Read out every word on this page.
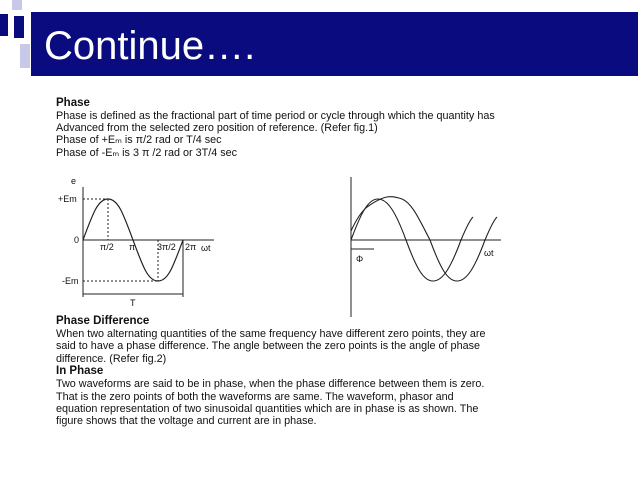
Continue….

Phase

Phase is defined as the fractional part of time period or cycle through which the quantity has

Advanced from the selected zero position of reference. (Refer fig.1)

Phase of +Eₘ is π/2 rad or T/4 sec

Phase of -Eₘ is 3 π /2 rad or 3T/4 sec

e
+Em
0
π/2 π 3π/2 2π ωt
-Em
T
Φ
ωt

Phase Difference

When two alternating quantities of the same frequency have different zero points, they are

said to have a phase difference. The angle between the zero points is the angle of phase

difference. (Refer fig.2)

In Phase

Two waveforms are said to be in phase, when the phase difference between them is zero.

That is the zero points of both the waveforms are same. The waveform, phasor and

equation representation of two sinusoidal quantities which are in phase is as shown. The

figure shows that the voltage and current are in phase.
